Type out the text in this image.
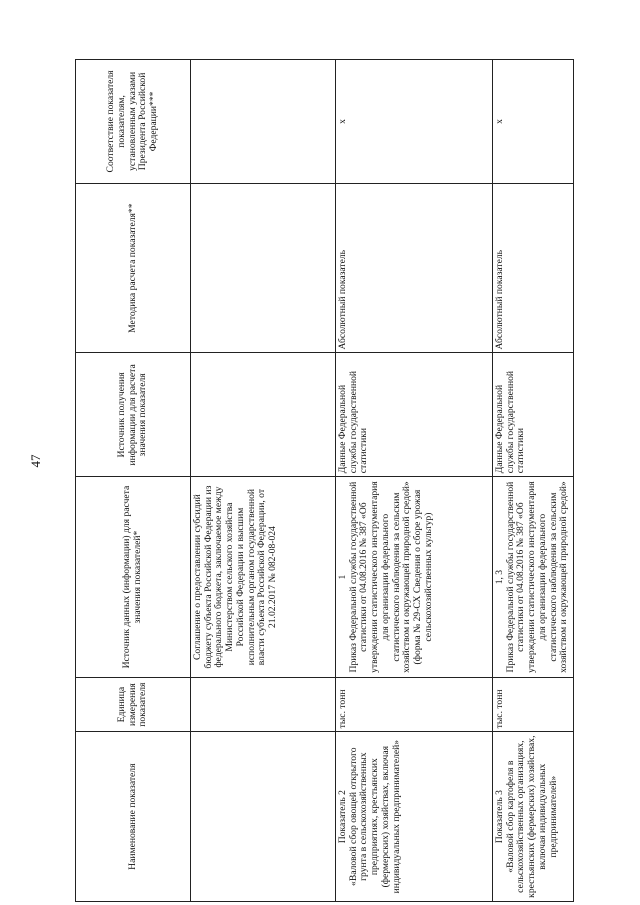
47
Наименование показателя	Единица измерения показателя	Источник данных (информации) для расчета значения показателей*	Источник получения информации для расчета значения показателя	Методика расчета показателя**	Соответствие показателя показателям, установленным указами Президента Российской Федерации***
		Соглашение о предоставлении субсидий бюджету субъекта Российской Федерации из федерального бюджета, заключаемое между Министерством сельского хозяйства Российской Федерации и высшим исполнительным органом государственной власти субъекта Российской Федерации, от 21.02.2017 № 082-08-024			

Показатель 2 «Валовой сбор овощей открытого грунта в сельскохозяйственных предприятиях, крестьянских (фермерских) хозяйствах, включая индивидуальных предпринимателей»	тыс. тонн	1 Приказ Федеральной службы государственной статистики от 04.08.2016 № 387 «Об утверждении статистического инструментария для организации федерального статистического наблюдения за сельским хозяйством и окружающей природной средой» (форма № 29-СХ Сведения о сборе урожая сельскохозяйственных культур)	Данные Федеральной службы государственной статистики	Абсолютный показатель	х

Показатель 3 «Валовой сбор картофеля в сельскохозяйственных организациях, крестьянских (фермерских) хозяйствах, включая индивидуальных предпринимателей»	тыс. тонн	1, 3 Приказ Федеральной службы государственной статистики от 04.08.2016 № 387 «Об утверждении статистического инструментария для организации федерального статистического наблюдения за сельским хозяйством и окружающей природной средой»	Данные Федеральной службы государственной статистики	Абсолютный показатель	х
